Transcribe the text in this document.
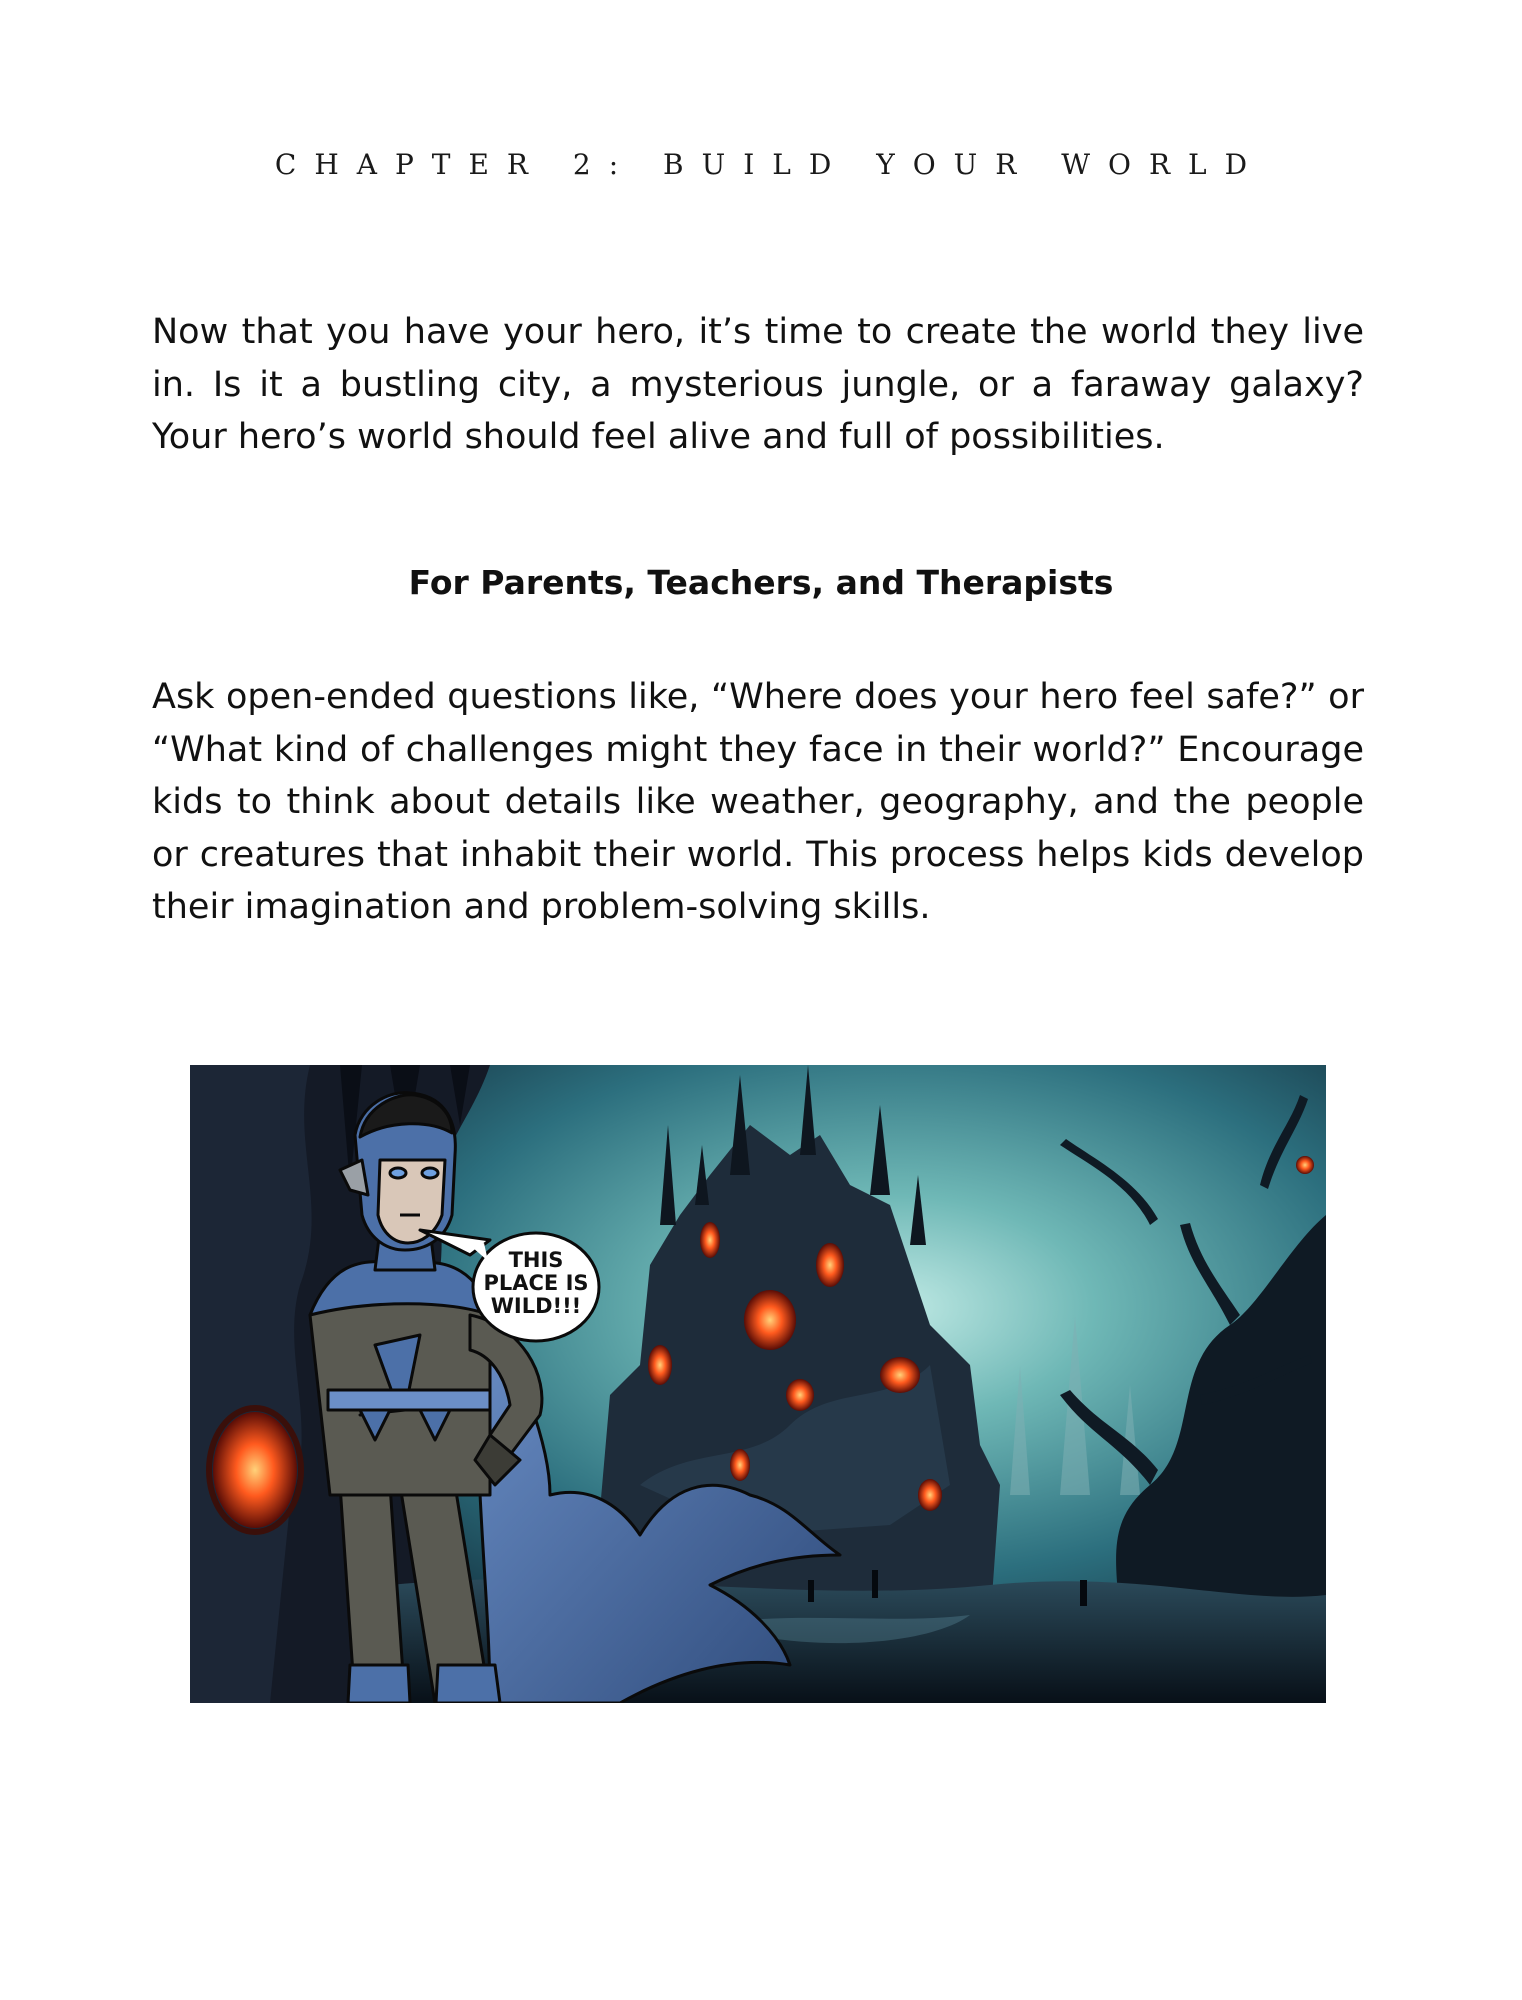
CHAPTER 2: BUILD YOUR WORLD

Now that you have your hero, it’s time to create the world they live in. Is it a bustling city, a mysterious jungle, or a faraway galaxy? Your hero’s world should feel alive and full of possibilities.

For Parents, Teachers, and Therapists

Ask open-ended questions like, “Where does your hero feel safe?” or “What kind of challenges might they face in their world?” Encourage kids to think about details like weather, geography, and the people or creatures that inhabit their world. This process helps kids develop their imagination and problem-solving skills.

THIS
PLACE IS
WILD!!!
